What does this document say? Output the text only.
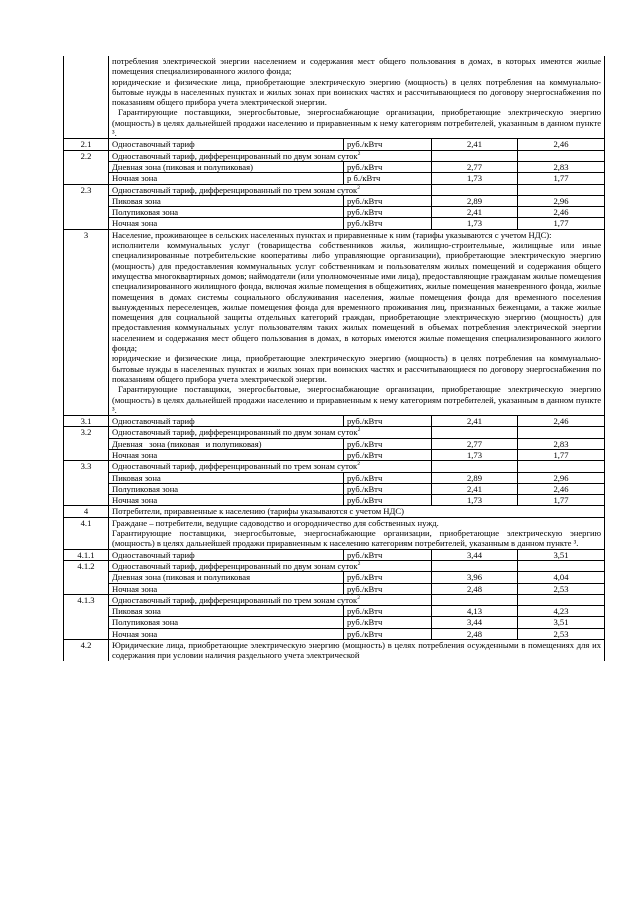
	потребления электрической энергии населением и содержания мест общего пользования в домах, в которых имеются жилые помещения специализированного жилого фонда;
юридические и физические лица, приобретающие электрическую энергию (мощность) в целях потребления на коммунально-бытовые нужды в населенных пунктах и жилых зонах при воинских частях и рассчитывающиеся по договору энергоснабжения по показаниям общего прибора учета электрической энергии.
Гарантирующие поставщики, энергосбытовые, энергоснабжающие организации, приобретающие электрическую энергию (мощность) в целях дальнейшей продажи населению и приравненным к нему категориям потребителей, указанным в данном пункте ³.			

2.1	Одноставочный тариф	руб./кВтч	2,41	2,46
2.2	Одноставочный тариф, дифференцированный по двум зонам суток$^2$		
	Дневная зона (пиковая и полупиковая)	руб./кВтч	2,77	2,83
	Ночная зона	р б./кВтч	1,73	1,77
2.3	Одноставочный тариф, дифференцированный по трем зонам суток$^2$		
	Пиковая зона	руб./кВтч	2,89	2,96
	Полупиковая зона	руб./кВтч	2,41	2,46
	Ночная зона	руб./кВтч	1,73	1,77
3	Население, проживающее в сельских населенных пунктах и приравненные к ним (тарифы указываются с учетом НДС):
исполнители коммунальных услуг (товарищества собственников жилья, жилищно-строительные, жилищные или иные специализированные потребительские кооперативы либо управляющие организации), приобретающие электрическую энергию (мощность) для предоставления коммунальных услуг собственникам и пользователям жилых помещений и содержания общего имущества многоквартирных домов; наймодатели (или уполномоченные ими лица), предоставляющие гражданам жилые помещения специализированного жилищного фонда, включая жилые помещения в общежитиях, жилые помещения маневренного фонда, жилые помещения в домах системы социального обслуживания населения, жилые помещения фонда для временного поселения вынужденных переселенцев, жилые помещения фонда для временного проживания лиц, признанных беженцами, а также жилые помещения для социальной защиты отдельных категорий граждан, приобретающие электрическую энергию (мощность) для предоставления коммунальных услуг пользователям таких жилых помещений в объемах потребления электрической энергии населением и содержания мест общего пользования в домах, в которых имеются жилые помещения специализированного жилого фонда;
юридические и физические лица, приобретающие электрическую энергию (мощность) в целях потребления на коммунально-бытовые нужды в населенных пунктах и жилых зонах при воинских частях и рассчитывающиеся по договору энергоснабжения по показаниям общего прибора учета электрической энергии.
Гарантирующие поставщики, энергосбытовые, энергоснабжающие организации, приобретающие электрическую энергию (мощность) в целях дальнейшей продажи населению и приравненным к нему категориям потребителей, указанным в данном пункте ³.			

3.1	Одноставочный тариф	руб./кВтч	2,41	2,46
3.2	Одноставочный тариф, дифференцированный по двум зонам суток$^2$		
	Дневная   зона (пиковая   и полупиковая)	руб./кВтч	2,77	2,83
	Ночная зона	руб./кВтч	1,73	1,77
3.3	Одноставочный тариф, дифференцированный по трем зонам суток$^2$		
	Пиковая зона	руб./кВтч	2,89	2,96
	Полупиковая зона	руб./кВтч	2,41	2,46
	Ночная зона	руб./кВтч	1,73	1,77
4	Потребители, приравненные к населению (тарифы указываются с учетом НДС)			
4.1	Граждане – потребители, ведущие садоводство и огородничество для собственных нужд.
Гарантирующие поставщики, энергосбытовые, энергоснабжающие организации, приобретающие электрическую энергию (мощность) в целях дальнейшей продажи приравненным к населению категориям потребителей, указанным в данном пункте ³.			

4.1.1	Одноставочный тариф	руб./кВтч	3,44	3,51
4.1.2	Одноставочный тариф, дифференцированный по двум зонам суток$^2$		
	Дневная зона (пиковая и полупиковая	руб./кВтч	3,96	4,04
	Ночная зона	руб./кВтч	2,48	2,53
4.1.3	Одноставочный тариф, дифференцированный по трем зонам суток$^2$		
	Пиковая зона	руб./кВтч	4,13	4,23
	Полупиковая зона	руб./кВтч	3,44	3,51
	Ночная зона	руб./кВтч	2,48	2,53
4.2	Юридические лица, приобретающие электрическую энергию (мощность) в целях потребления осужденными в помещениях для их содержания при условии наличия раздельного учета электрической			
